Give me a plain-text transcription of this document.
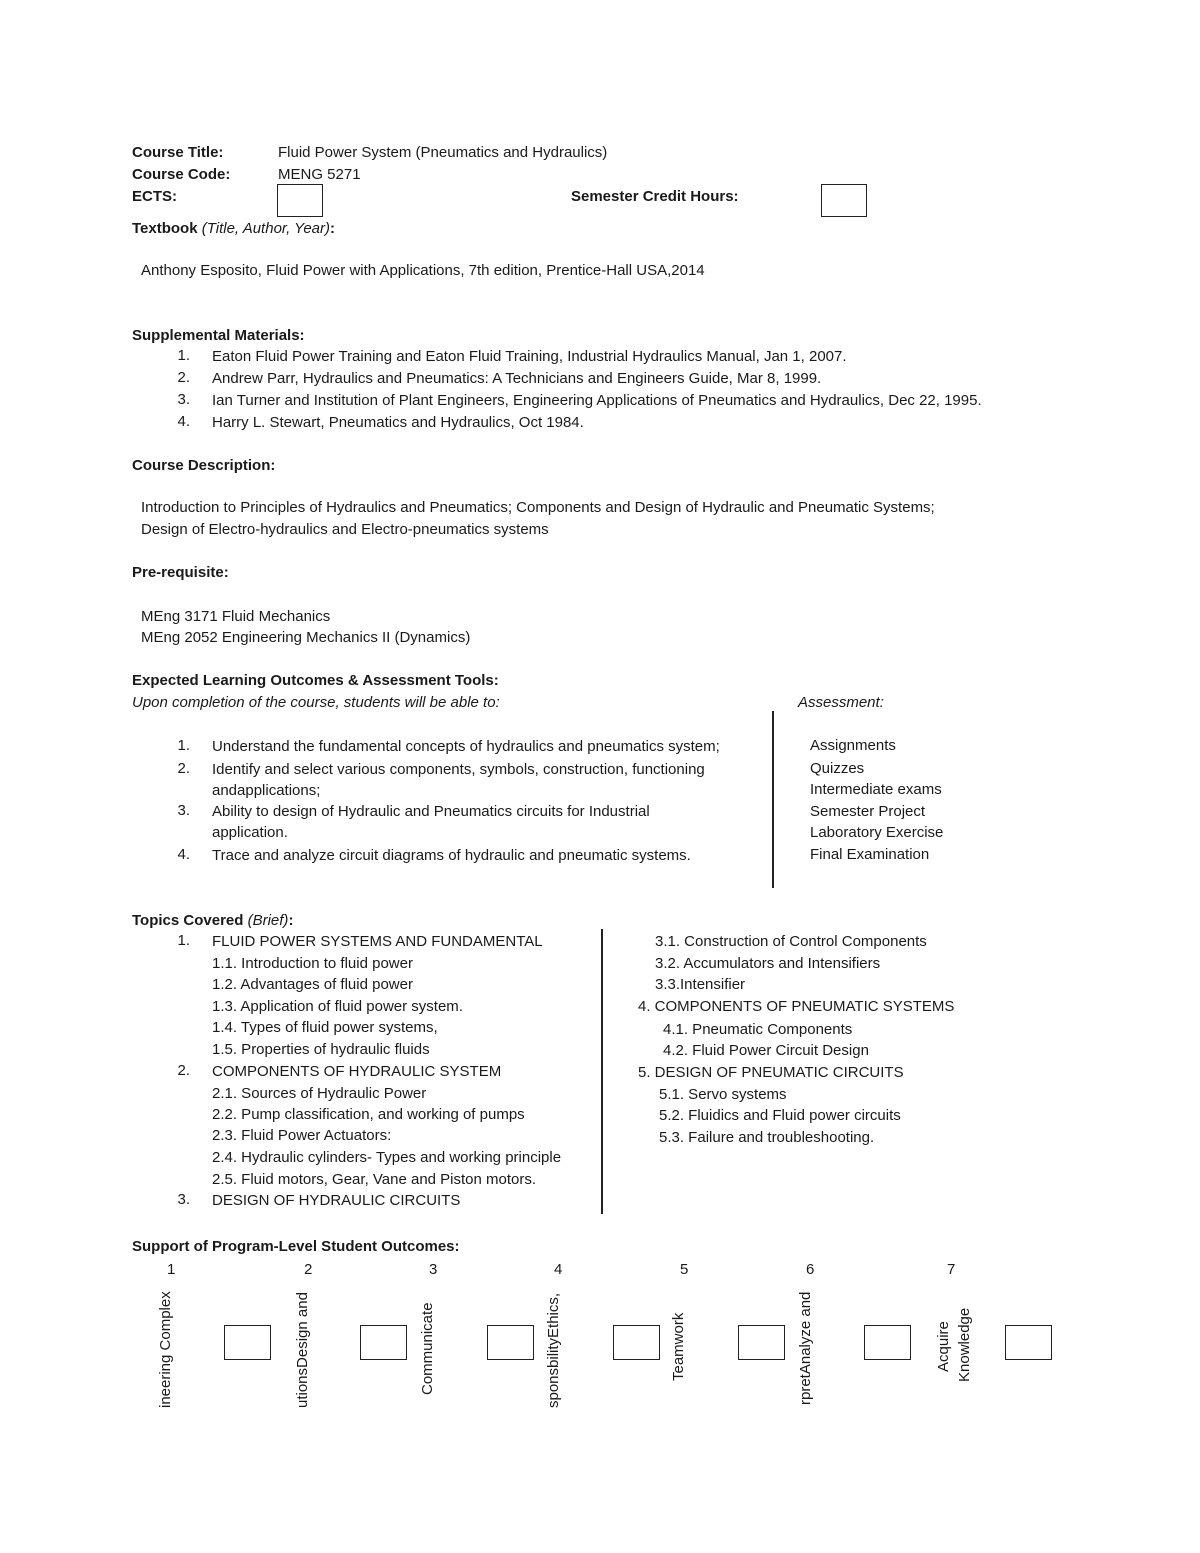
Course Title:	Fluid Power System (Pneumatics and Hydraulics)
Course Code:	MENG 5271
ECTS:	Semester Credit Hours:
Textbook (Title, Author, Year):
Anthony Esposito, Fluid Power with Applications, 7th edition, Prentice-Hall USA,2014
Supplemental Materials:
1. Eaton Fluid Power Training and Eaton Fluid Training, Industrial Hydraulics Manual, Jan 1, 2007.
2. Andrew Parr, Hydraulics and Pneumatics: A Technicians and Engineers Guide, Mar 8, 1999.
3. Ian Turner and Institution of Plant Engineers, Engineering Applications of Pneumatics and Hydraulics, Dec 22, 1995.
4. Harry L. Stewart, Pneumatics and Hydraulics, Oct 1984.
Course Description:
Introduction to Principles of Hydraulics and Pneumatics; Components and Design of Hydraulic and Pneumatic Systems;
Design of Electro-hydraulics and Electro-pneumatics systems
Pre-requisite:
MEng 3171 Fluid Mechanics
MEng 2052 Engineering Mechanics II (Dynamics)
Expected Learning Outcomes & Assessment Tools:
Upon completion of the course, students will be able to:	Assessment:
1. Understand the fundamental concepts of hydraulics and pneumatics system;
2. Identify and select various components, symbols, construction, functioning
andapplications;
3. Ability to design of Hydraulic and Pneumatics circuits for Industrial
application.
4. Trace and analyze circuit diagrams of hydraulic and pneumatic systems.
Assignments
Quizzes
Intermediate exams
Semester Project
Laboratory Exercise
Final Examination
Topics Covered (Brief):
1. FLUID POWER SYSTEMS AND FUNDAMENTAL
1.1. Introduction to fluid power
1.2. Advantages of fluid power
1.3. Application of fluid power system.
1.4. Types of fluid power systems,
1.5. Properties of hydraulic fluids
2. COMPONENTS OF HYDRAULIC SYSTEM
2.1. Sources of Hydraulic Power
2.2. Pump classification, and working of pumps
2.3. Fluid Power Actuators:
2.4. Hydraulic cylinders- Types and working principle
2.5. Fluid motors, Gear, Vane and Piston motors.
3. DESIGN OF HYDRAULIC CIRCUITS
3.1. Construction of Control Components
3.2. Accumulators and Intensifiers
3.3.Intensifier
4. COMPONENTS OF PNEUMATIC SYSTEMS
4.1. Pneumatic Components
4.2. Fluid Power Circuit Design
5. DESIGN OF PNEUMATIC CIRCUITS
5.1. Servo systems
5.2. Fluidics and Fluid power circuits
5.3. Failure and troubleshooting.
Support of Program-Level Student Outcomes:
1	2	3	4	5	6	7
ineering Complex	utionsDesign and	Communicate	sponsbilityEthics,	Teamwork	rpretAnalyze and	Acquire Knowledge
